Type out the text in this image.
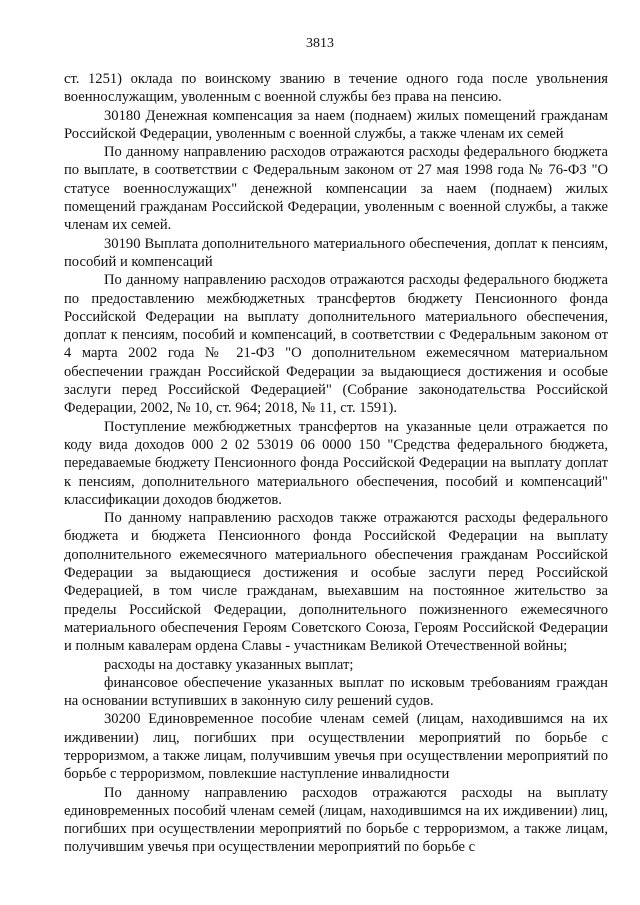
3813

ст. 1251) оклада по воинскому званию в течение одного года после увольнения военнослужащим, уволенным с военной службы без права на пенсию.

30180 Денежная компенсация за наем (поднаем) жилых помещений гражданам Российской Федерации, уволенным с военной службы, а также членам их семей

По данному направлению расходов отражаются расходы федерального бюджета по выплате, в соответствии с Федеральным законом от 27 мая 1998 года № 76-ФЗ "О статусе военнослужащих" денежной компенсации за наем (поднаем) жилых помещений гражданам Российской Федерации, уволенным с военной службы, а также членам их семей.

30190 Выплата дополнительного материального обеспечения, доплат к пенсиям, пособий и компенсаций

По данному направлению расходов отражаются расходы федерального бюджета по предоставлению межбюджетных трансфертов бюджету Пенсионного фонда Российской Федерации на выплату дополнительного материального обеспечения, доплат к пенсиям, пособий и компенсаций, в соответствии с Федеральным законом от 4 марта 2002 года № 21-ФЗ "О дополнительном ежемесячном материальном обеспечении граждан Российской Федерации за выдающиеся достижения и особые заслуги перед Российской Федерацией" (Собрание законодательства Российской Федерации, 2002, № 10, ст. 964; 2018, № 11, ст. 1591).

Поступление межбюджетных трансфертов на указанные цели отражается по коду вида доходов 000 2 02 53019 06 0000 150 "Средства федерального бюджета, передаваемые бюджету Пенсионного фонда Российской Федерации на выплату доплат к пенсиям, дополнительного материального обеспечения, пособий и компенсаций" классификации доходов бюджетов.

По данному направлению расходов также отражаются расходы федерального бюджета и бюджета Пенсионного фонда Российской Федерации на выплату дополнительного ежемесячного материального обеспечения гражданам Российской Федерации за выдающиеся достижения и особые заслуги перед Российской Федерацией, в том числе гражданам, выехавшим на постоянное жительство за пределы Российской Федерации, дополнительного пожизненного ежемесячного материального обеспечения Героям Советского Союза, Героям Российской Федерации и полным кавалерам ордена Славы - участникам Великой Отечественной войны;

расходы на доставку указанных выплат;

финансовое обеспечение указанных выплат по исковым требованиям граждан на основании вступивших в законную силу решений судов.

30200 Единовременное пособие членам семей (лицам, находившимся на их иждивении) лиц, погибших при осуществлении мероприятий по борьбе с терроризмом, а также лицам, получившим увечья при осуществлении мероприятий по борьбе с терроризмом, повлекшие наступление инвалидности

По данному направлению расходов отражаются расходы на выплату единовременных пособий членам семей (лицам, находившимся на их иждивении) лиц, погибших при осуществлении мероприятий по борьбе с терроризмом, а также лицам, получившим увечья при осуществлении мероприятий по борьбе с
